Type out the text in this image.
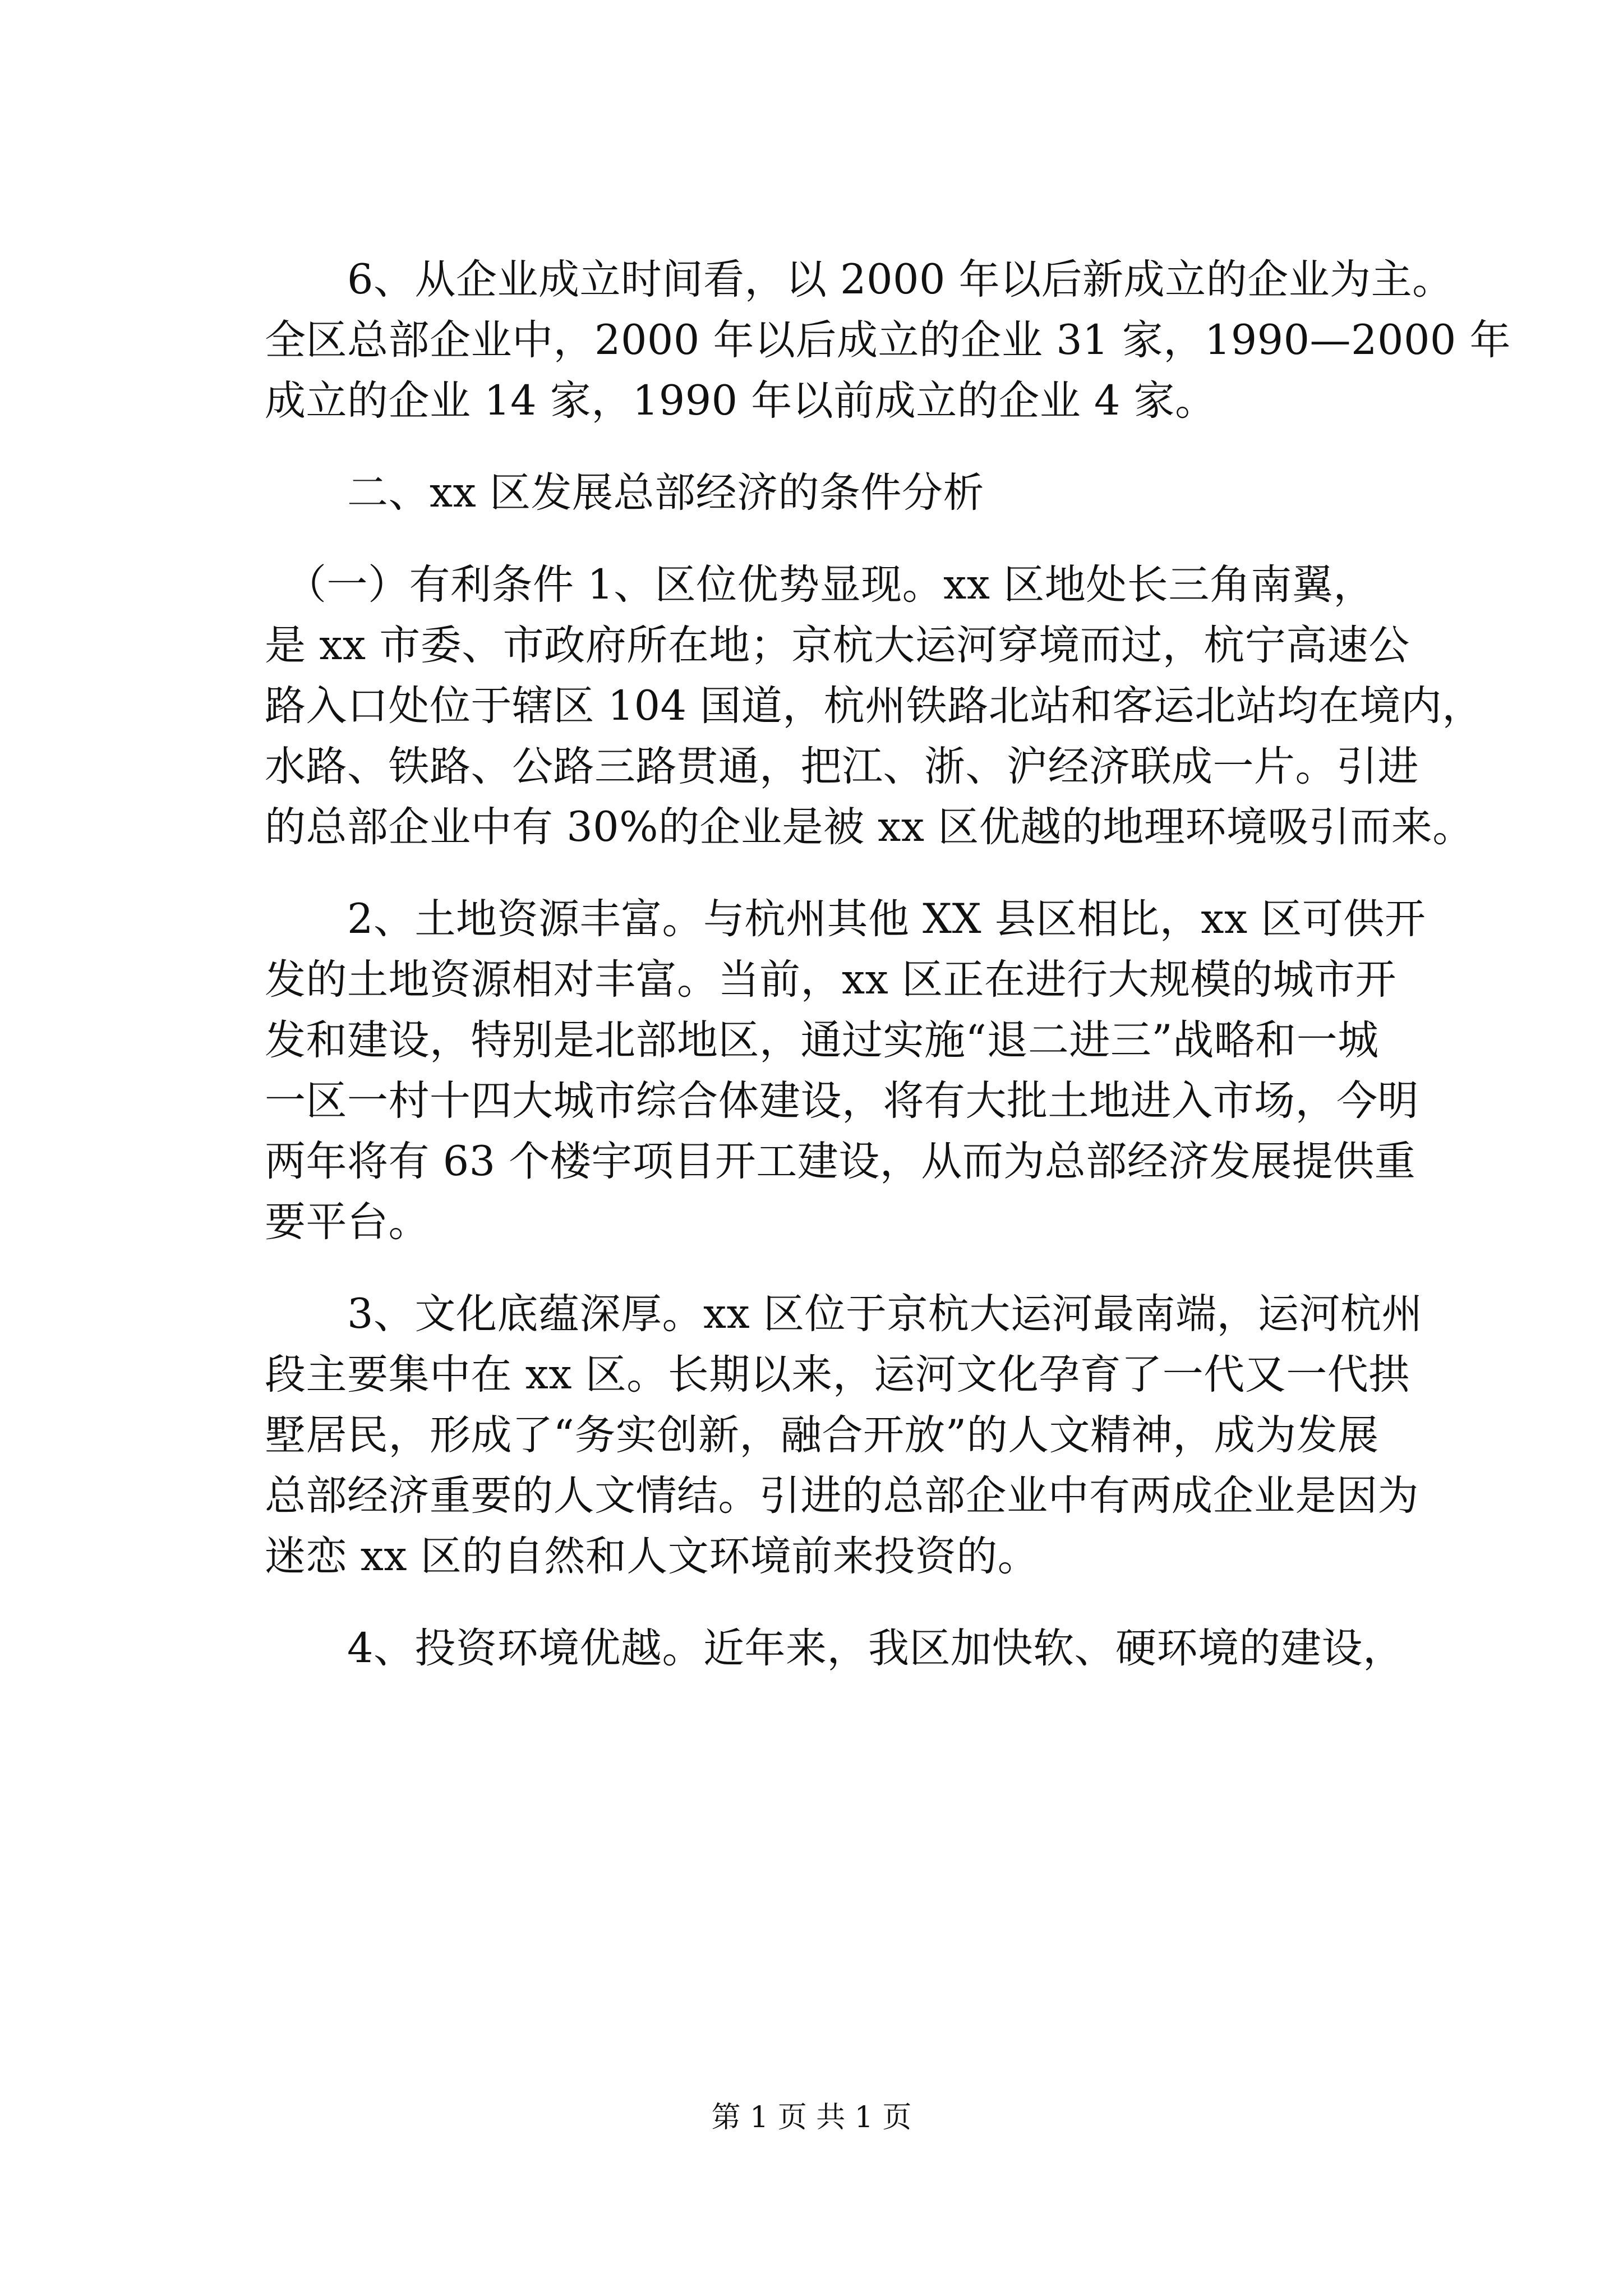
　　6、从企业成立时间看，以 2000 年以后新成立的企业为主。

全区总部企业中，2000 年以后成立的企业 31 家，1990—2000 年

成立的企业 14 家，1990 年以前成立的企业 4 家。

　　二、xx 区发展总部经济的条件分析

　（一）有利条件 1、区位优势显现。xx 区地处长三角南翼，

是 xx 市委、市政府所在地；京杭大运河穿境而过，杭宁高速公

路入口处位于辖区 104 国道，杭州铁路北站和客运北站均在境内，

水路、铁路、公路三路贯通，把江、浙、沪经济联成一片。引进

的总部企业中有 30%的企业是被 xx 区优越的地理环境吸引而来。

　　2、土地资源丰富。与杭州其他 XX 县区相比，xx 区可供开

发的土地资源相对丰富。当前，xx 区正在进行大规模的城市开

发和建设，特别是北部地区，通过实施“退二进三”战略和一城

一区一村十四大城市综合体建设，将有大批土地进入市场，今明

两年将有 63 个楼宇项目开工建设，从而为总部经济发展提供重

要平台。

　　3、文化底蕴深厚。xx 区位于京杭大运河最南端，运河杭州

段主要集中在 xx 区。长期以来，运河文化孕育了一代又一代拱

墅居民，形成了“务实创新，融合开放”的人文精神，成为发展

总部经济重要的人文情结。引进的总部企业中有两成企业是因为

迷恋 xx 区的自然和人文环境前来投资的。

　　4、投资环境优越。近年来，我区加快软、硬环境的建设，

第 1 页 共 1 页
